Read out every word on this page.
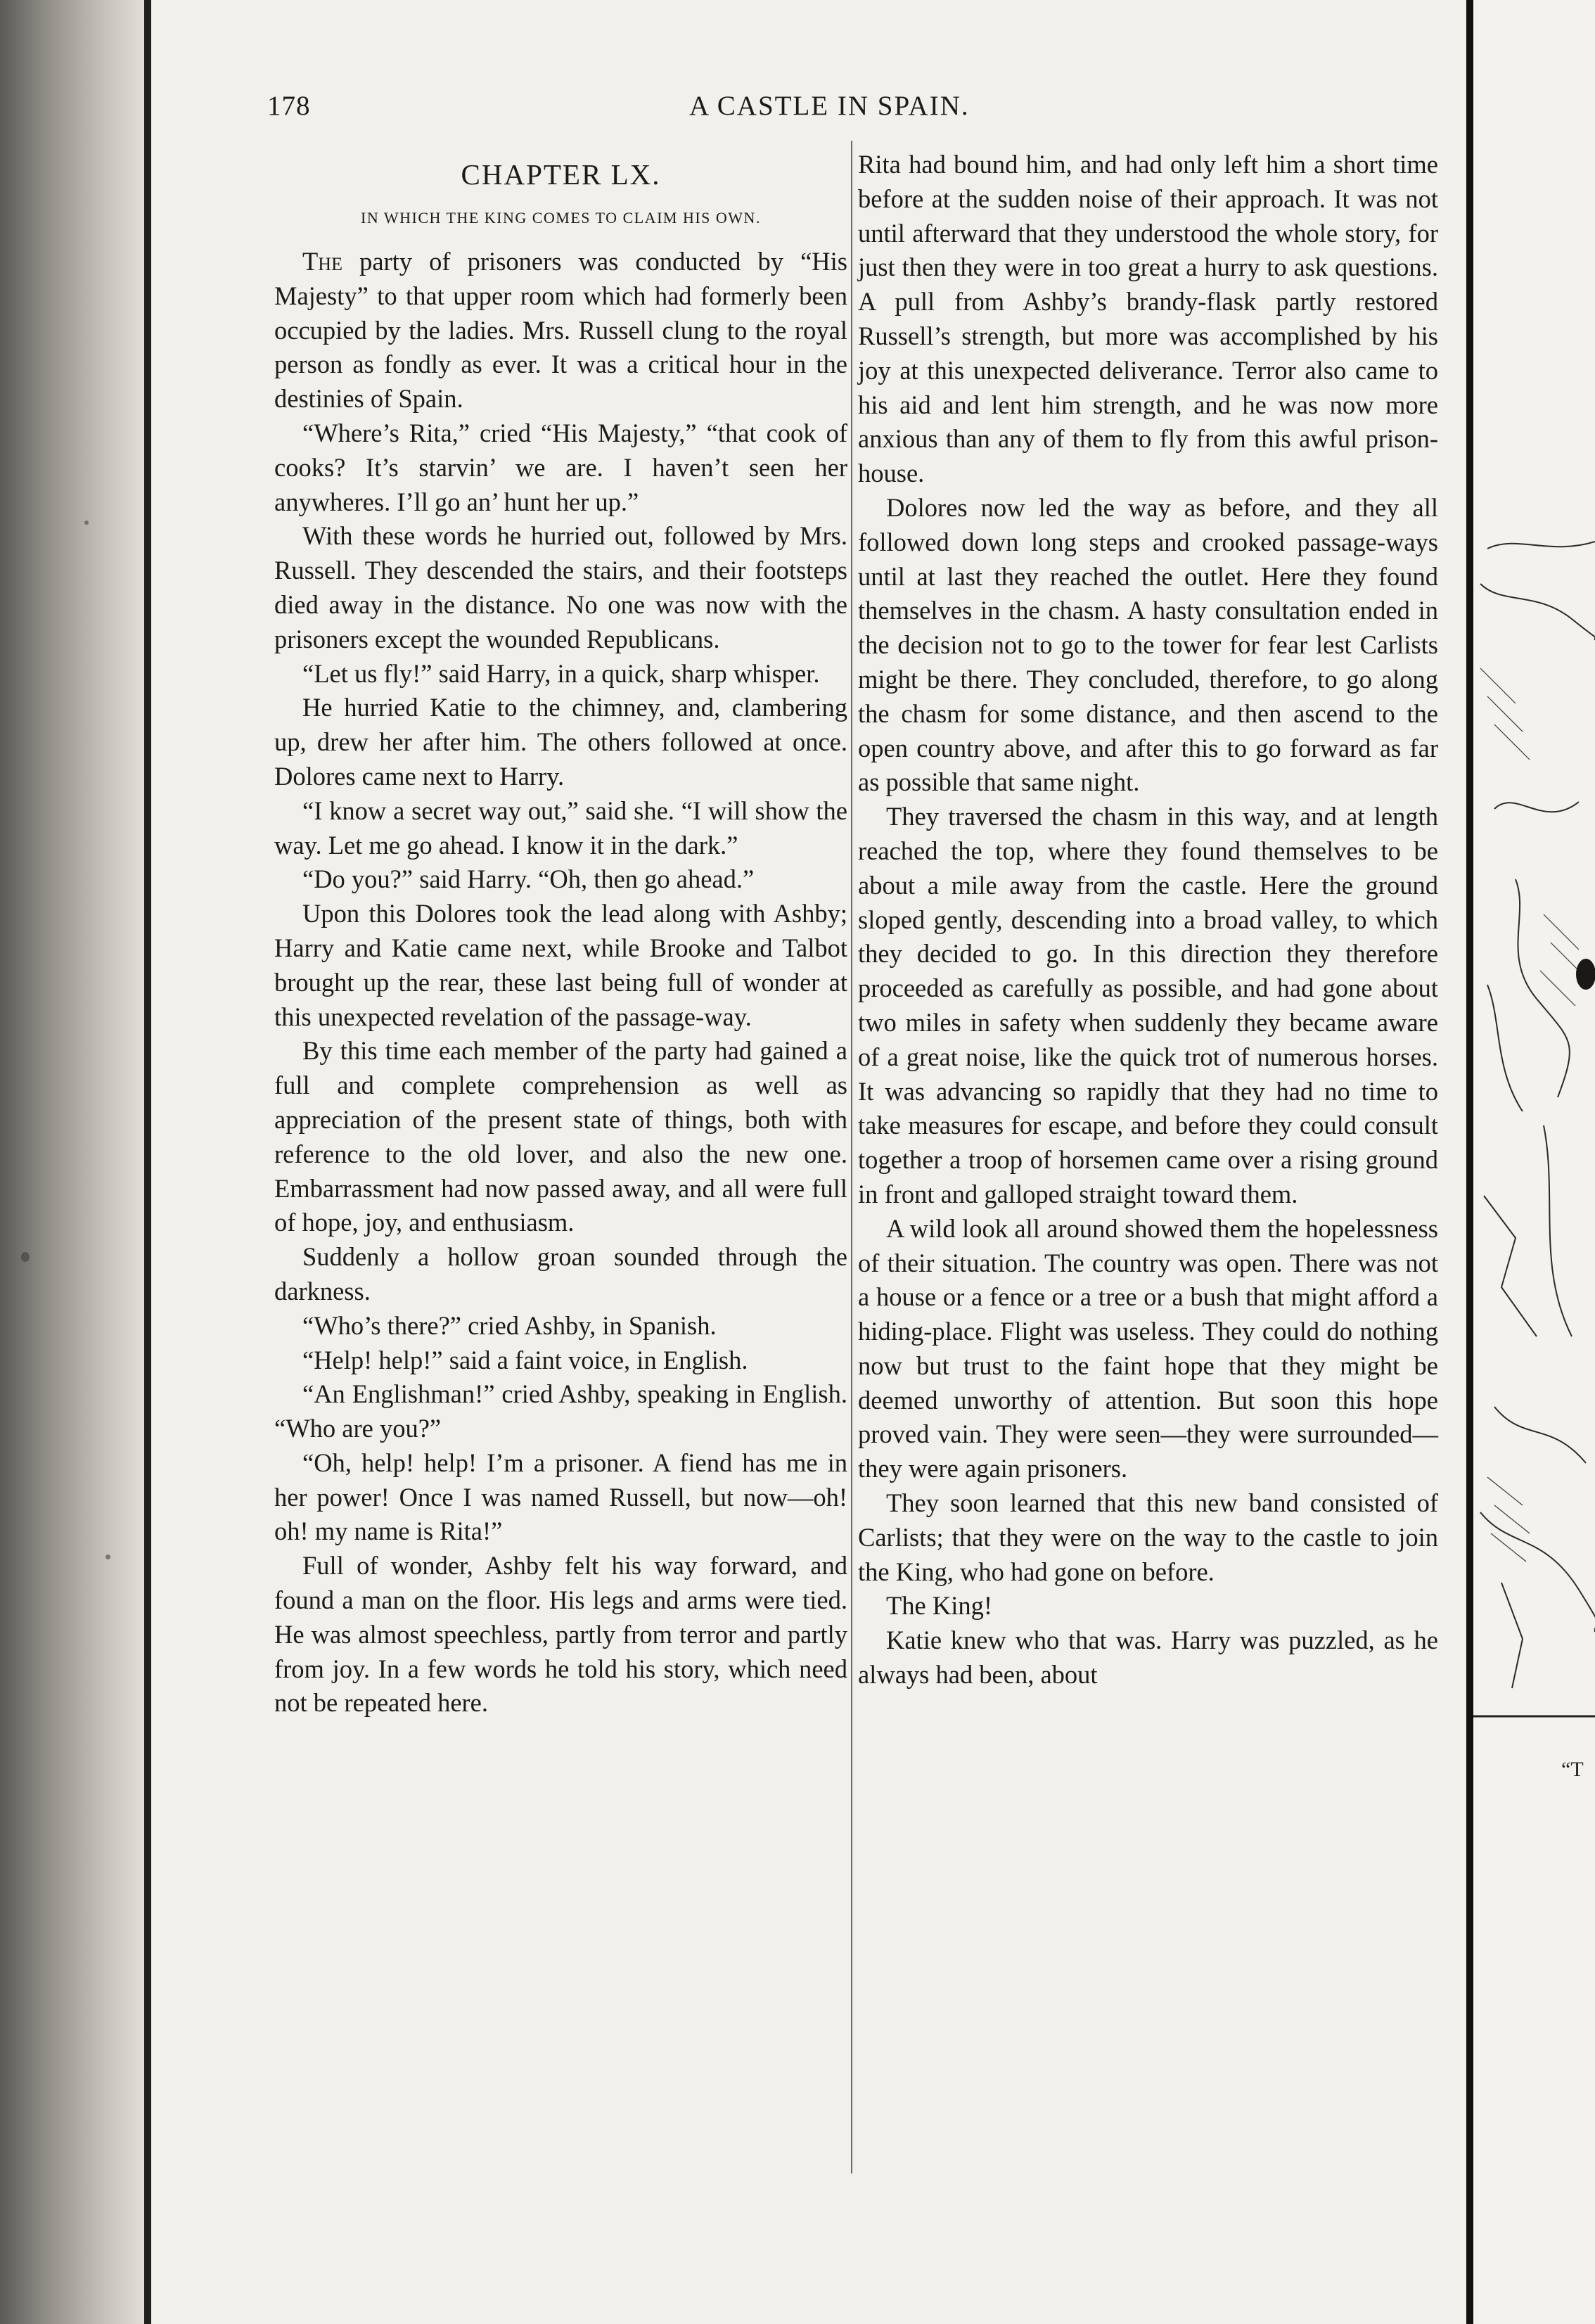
178	A CASTLE IN SPAIN.
CHAPTER LX.
IN WHICH THE KING COMES TO CLAIM HIS OWN.

The party of prisoners was conducted by “His Majesty” to that upper room which had formerly been occupied by the ladies. Mrs. Russell clung to the royal person as fondly as ever. It was a critical hour in the destinies of Spain.

“Where’s Rita,” cried “His Majesty,” “that cook of cooks? It’s starvin’ we are. I haven’t seen her anywheres. I’ll go an’ hunt her up.”

With these words he hurried out, followed by Mrs. Russell. They descended the stairs, and their footsteps died away in the distance. No one was now with the prisoners except the wounded Republicans.

“Let us fly!” said Harry, in a quick, sharp whisper.

He hurried Katie to the chimney, and, clambering up, drew her after him. The others followed at once. Dolores came next to Harry.

“I know a secret way out,” said she. “I will show the way. Let me go ahead. I know it in the dark.”

“Do you?” said Harry. “Oh, then go ahead.”

Upon this Dolores took the lead along with Ashby; Harry and Katie came next, while Brooke and Talbot brought up the rear, these last being full of wonder at this unexpected revelation of the passage-way.

By this time each member of the party had gained a full and complete comprehension as well as appreciation of the present state of things, both with reference to the old lover, and also the new one. Embarrassment had now passed away, and all were full of hope, joy, and enthusiasm.

Suddenly a hollow groan sounded through the darkness.

“Who’s there?” cried Ashby, in Spanish.

“Help! help!” said a faint voice, in English.

“An Englishman!” cried Ashby, speaking in English. “Who are you?”

“Oh, help! help! I’m a prisoner. A fiend has me in her power! Once I was named Russell, but now—oh! oh! my name is Rita!”

Full of wonder, Ashby felt his way forward, and found a man on the floor. His legs and arms were tied. He was almost speechless, partly from terror and partly from joy. In a few words he told his story, which need not be repeated here.

Rita had bound him, and had only left him a short time before at the sudden noise of their approach. It was not until afterward that they understood the whole story, for just then they were in too great a hurry to ask questions. A pull from Ashby’s brandy-flask partly restored Russell’s strength, but more was accomplished by his joy at this unexpected deliverance. Terror also came to his aid and lent him strength, and he was now more anxious than any of them to fly from this awful prison-house.

Dolores now led the way as before, and they all followed down long steps and crooked passage-ways until at last they reached the outlet. Here they found themselves in the chasm. A hasty consultation ended in the decision not to go to the tower for fear lest Carlists might be there. They concluded, therefore, to go along the chasm for some distance, and then ascend to the open country above, and after this to go forward as far as possible that same night.

They traversed the chasm in this way, and at length reached the top, where they found themselves to be about a mile away from the castle. Here the ground sloped gently, descending into a broad valley, to which they decided to go. In this direction they therefore proceeded as carefully as possible, and had gone about two miles in safety when suddenly they became aware of a great noise, like the quick trot of numerous horses. It was advancing so rapidly that they had no time to take measures for escape, and before they could consult together a troop of horsemen came over a rising ground in front and galloped straight toward them.

A wild look all around showed them the hopelessness of their situation. The country was open. There was not a house or a fence or a tree or a bush that might afford a hiding-place. Flight was useless. They could do nothing now but trust to the faint hope that they might be deemed unworthy of attention. But soon this hope proved vain. They were seen—they were surrounded—they were again prisoners.

They soon learned that this new band consisted of Carlists; that they were on the way to the castle to join the King, who had gone on before.

The King!

Katie knew who that was. Harry was puzzled, as he always had been, about

“T
